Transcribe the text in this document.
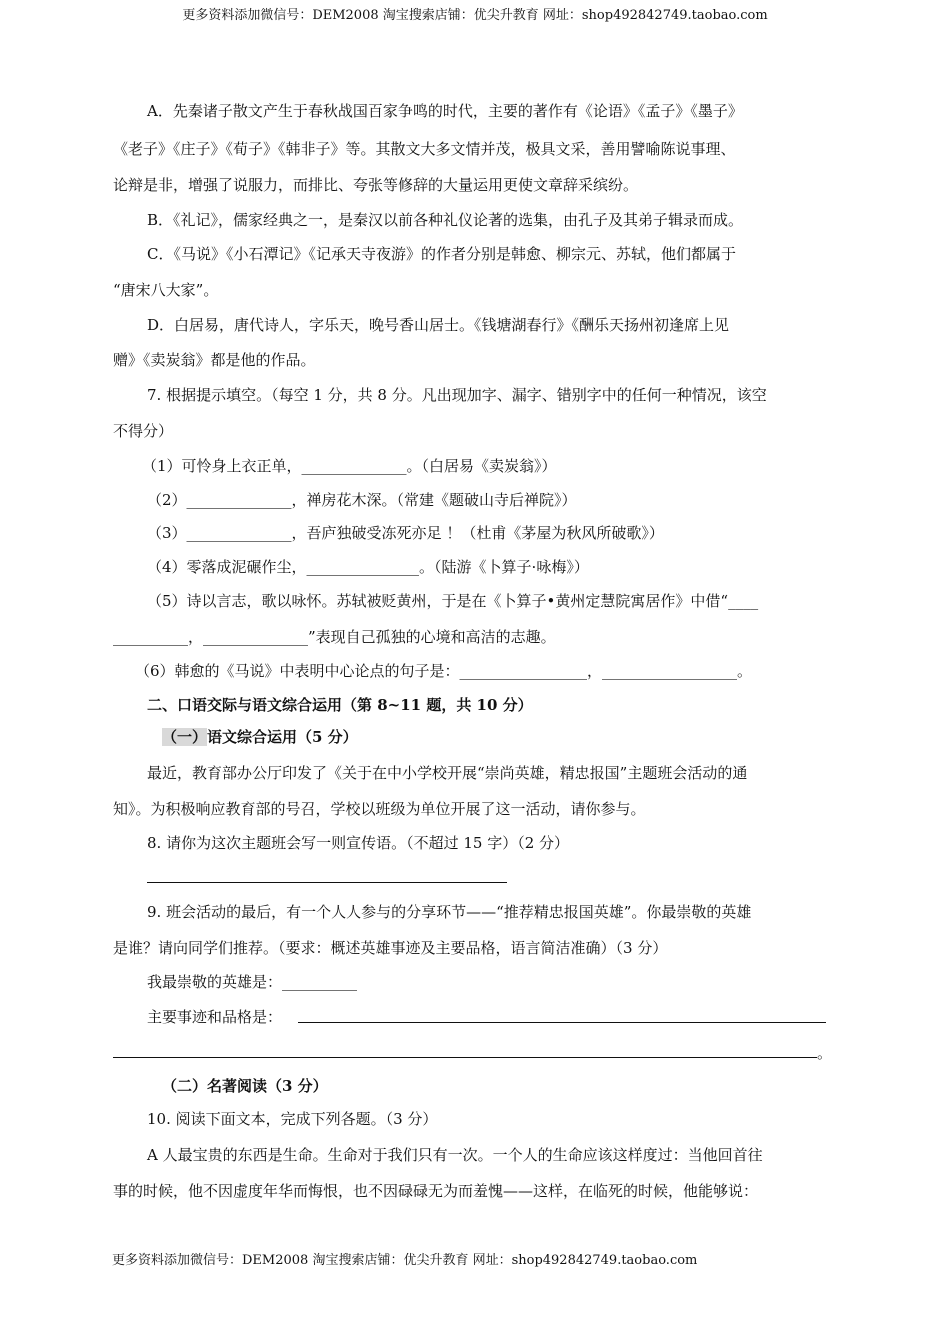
更多资料添加微信号：DEM2008 淘宝搜索店铺：优尖升教育 网址：shop492842749.taobao.com
A．先秦诸子散文产生于春秋战国百家争鸣的时代，主要的著作有《论语》《孟子》《墨子》
《老子》《庄子》《荀子》《韩非子》等。其散文大多文情并茂，极具文采，善用譬喻陈说事理、
论辩是非，增强了说服力，而排比、夸张等修辞的大量运用更使文章辞采缤纷。
B．《礼记》，儒家经典之一，是秦汉以前各种礼仪论著的选集，由孔子及其弟子辑录而成。
C．《马说》《小石潭记》《记承天寺夜游》的作者分别是韩愈、柳宗元、苏轼，他们都属于
“唐宋八大家”。
D．白居易，唐代诗人，字乐天，晚号香山居士。《钱塘湖春行》《酬乐天扬州初逢席上见
赠》《卖炭翁》都是他的作品。
7. 根据提示填空。（每空 1 分，共 8 分。凡出现加字、漏字、错别字中的任何一种情况，该空
不得分）
（1）可怜身上衣正单，______________。（白居易《卖炭翁》）
（2）______________，禅房花木深。（常建《题破山寺后禅院》）
（3）______________，吾庐独破受冻死亦足 ！（杜甫《茅屋为秋风所破歌》）
（4）零落成泥碾作尘，_______________。（陆游《卜算子·咏梅》）
（5）诗以言志，歌以咏怀。苏轼被贬黄州，于是在《卜算子•黄州定慧院寓居作》中借“____
__________，______________”表现自己孤独的心境和高洁的志趣。
（6）韩愈的《马说》中表明中心论点的句子是：_________________，__________________。
二、口语交际与语文综合运用（第 8~11 题，共 10 分）
（一）语文综合运用（5 分）
最近，教育部办公厅印发了《关于在中小学校开展“崇尚英雄，精忠报国”主题班会活动的通
知》。为积极响应教育部的号召，学校以班级为单位开展了这一活动，请你参与。
8. 请你为这次主题班会写一则宣传语。（不超过 15 字）（2 分）
9. 班会活动的最后，有一个人人参与的分享环节——“推荐精忠报国英雄”。你最崇敬的英雄
是谁？请向同学们推荐。（要求：概述英雄事迹及主要品格，语言简洁准确）（3 分）
我最崇敬的英雄是：__________
主要事迹和品格是：
。
（二）名著阅读（3 分）
10. 阅读下面文本，完成下列各题。（3 分）
A 人最宝贵的东西是生命。生命对于我们只有一次。一个人的生命应该这样度过：当他回首往
事的时候，他不因虚度年华而悔恨，也不因碌碌无为而羞愧——这样，在临死的时候，他能够说：
更多资料添加微信号：DEM2008 淘宝搜索店铺：优尖升教育 网址：shop492842749.taobao.com
